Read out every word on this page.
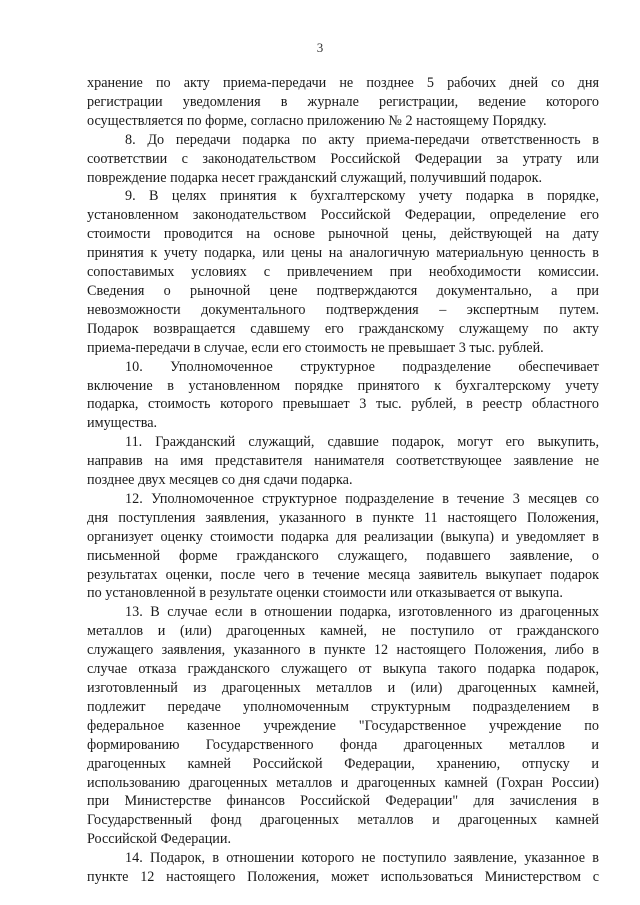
3
хранение по акту приема-передачи не позднее 5 рабочих дней со дня
регистрации уведомления в журнале регистрации, ведение которого
осуществляется по форме, согласно приложению № 2 настоящему Порядку.
8. До передачи подарка по акту приема-передачи ответственность в
соответствии с законодательством Российской Федерации за утрату или
повреждение подарка несет гражданский служащий, получивший подарок.
9. В целях принятия к бухгалтерскому учету подарка в порядке,
установленном законодательством Российской Федерации, определение его
стоимости проводится на основе рыночной цены, действующей на дату
принятия к учету подарка, или цены на аналогичную материальную ценность в
сопоставимых условиях с привлечением при необходимости комиссии.
Сведения о рыночной цене подтверждаются документально, а при
невозможности документального подтверждения – экспертным путем.
Подарок возвращается сдавшему его гражданскому служащему по акту
приема-передачи в случае, если его стоимость не превышает 3 тыс. рублей.
10. Уполномоченное структурное подразделение обеспечивает
включение в установленном порядке принятого к бухгалтерскому учету
подарка, стоимость которого превышает 3 тыс. рублей, в реестр областного
имущества.
11. Гражданский служащий, сдавшие подарок, могут его выкупить,
направив на имя представителя нанимателя соответствующее заявление не
позднее двух месяцев со дня сдачи подарка.
12. Уполномоченное структурное подразделение в течение 3 месяцев со
дня поступления заявления, указанного в пункте 11 настоящего Положения,
организует оценку стоимости подарка для реализации (выкупа) и уведомляет в
письменной форме гражданского служащего, подавшего заявление, о
результатах оценки, после чего в течение месяца заявитель выкупает подарок
по установленной в результате оценки стоимости или отказывается от выкупа.
13. В случае если в отношении подарка, изготовленного из драгоценных
металлов и (или) драгоценных камней, не поступило от гражданского
служащего заявления, указанного в пункте 12 настоящего Положения, либо в
случае отказа гражданского служащего от выкупа такого подарка подарок,
изготовленный из драгоценных металлов и (или) драгоценных камней,
подлежит передаче уполномоченным структурным подразделением в
федеральное казенное учреждение "Государственное учреждение по
формированию Государственного фонда драгоценных металлов и
драгоценных камней Российской Федерации, хранению, отпуску и
использованию драгоценных металлов и драгоценных камней (Гохран России)
при Министерстве финансов Российской Федерации" для зачисления в
Государственный фонд драгоценных металлов и драгоценных камней
Российской Федерации.
14. Подарок, в отношении которого не поступило заявление, указанное в
пункте 12 настоящего Положения, может использоваться Министерством с
